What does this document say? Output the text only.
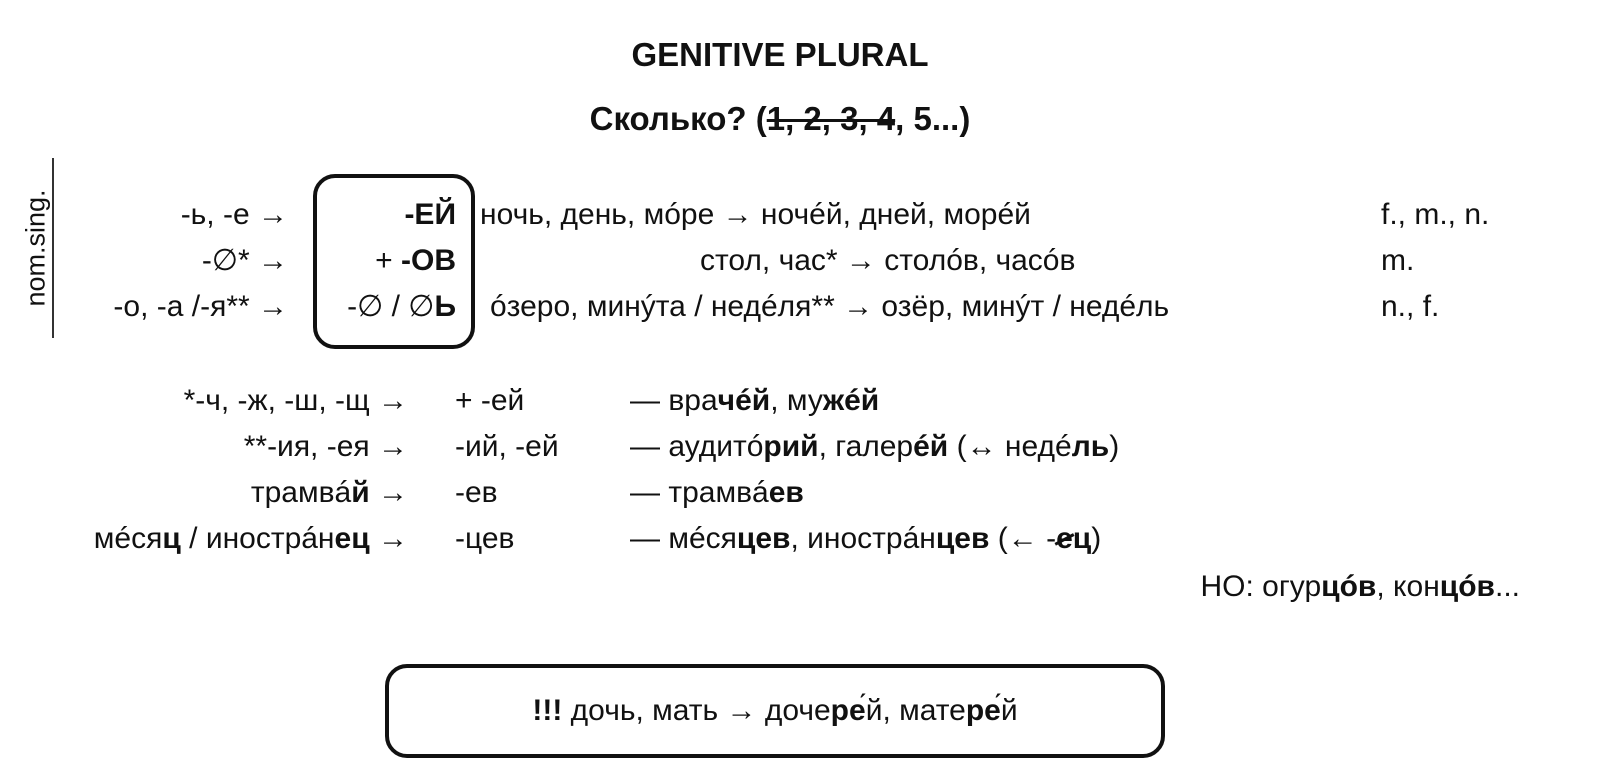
GENITIVE PLURAL
Сколько? (1, 2, 3, 4, 5...)
nom.sing.	-ь, -е →	-ЕЙ ночь, день, мóре → ночéй, дней, морéй	f., m., n.
-∅* →	+ -ОВ	стол, час* → столóв, часóв	m.
-о, -а /-я** →	-∅ / ∅Ь óзеро, минýта / недéля** → озёр, минýт / недéль	n., f.
*-ч, -ж, -ш, -щ → + -ей	— врачéй, мужéй
**-ия, -ея → -ий, -ей — аудитóрий, галерéй (↔ недéль)
трамвáй → -ев	— трамвáев
мéсяц / инострáнец → -цев	— мéсяцев, инострáнцев (← -ец)
НО: огурцóв, концóв...
!!! дочь, мать → дочере́й, матере́й
